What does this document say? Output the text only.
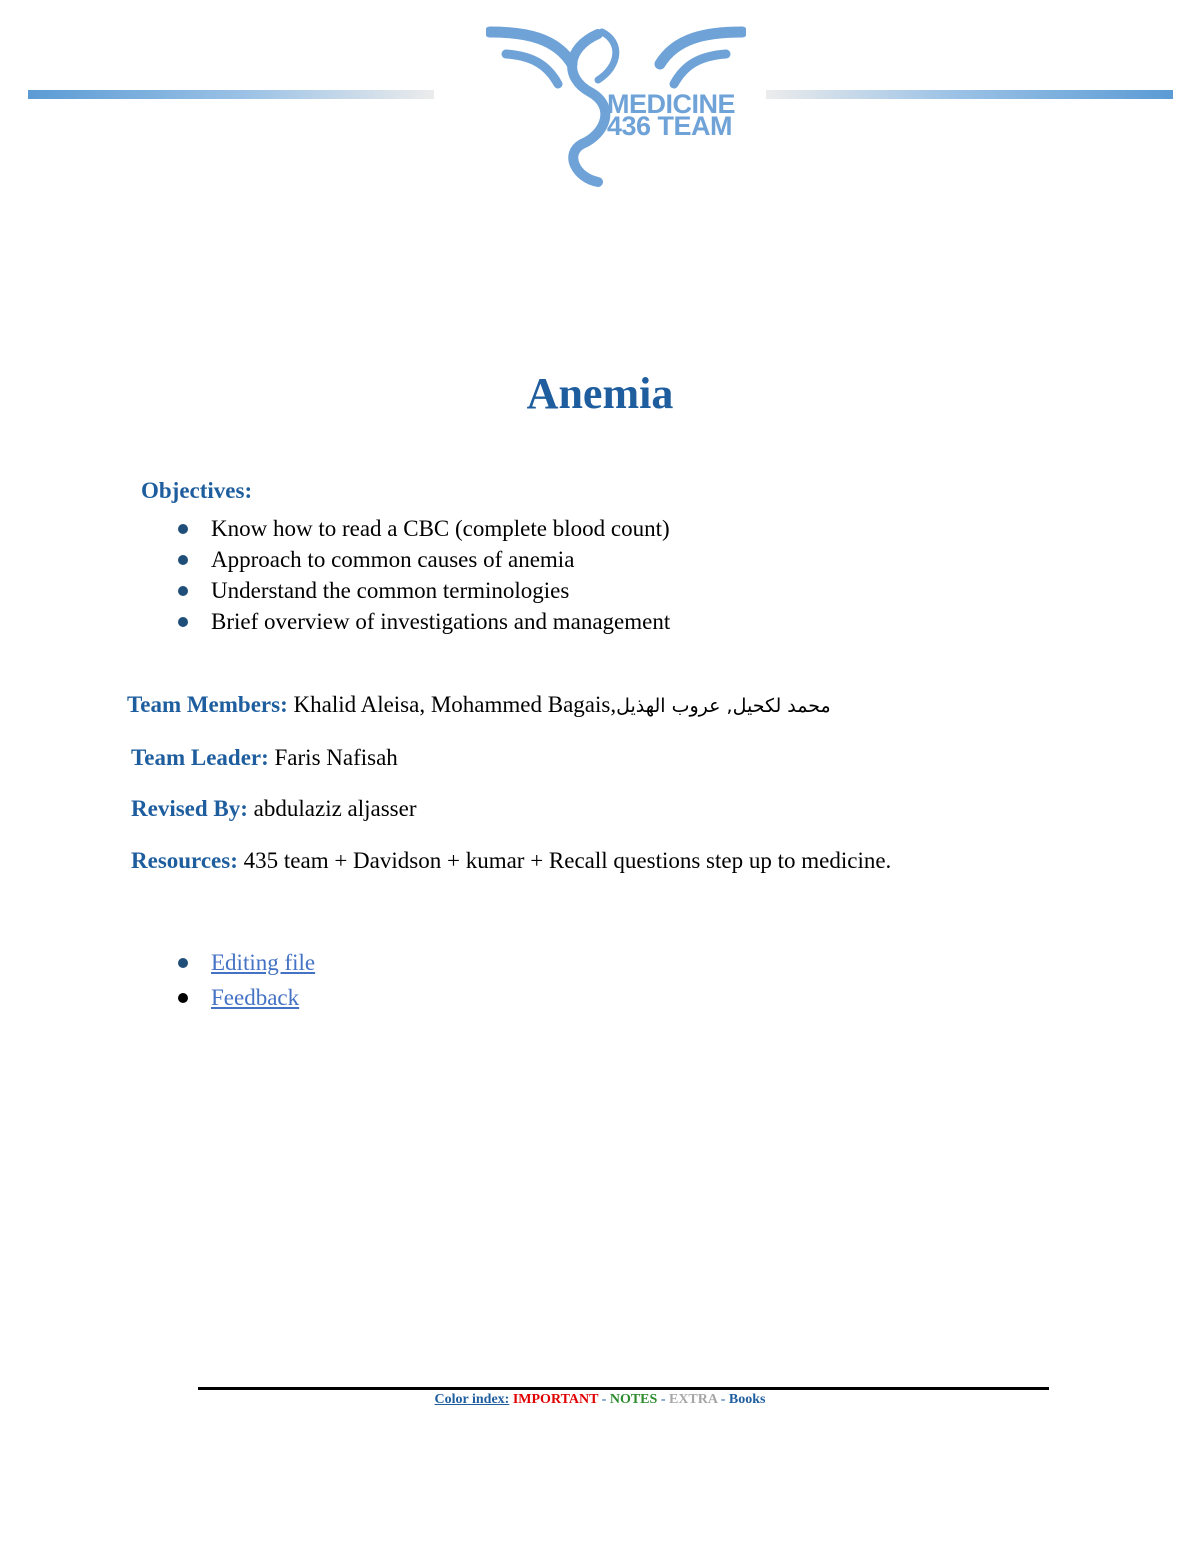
MEDICINE
436 TEAM
Anemia
Objectives:
Know how to read a CBC (complete blood count)
Approach to common causes of anemia
Understand the common terminologies
Brief overview of investigations and management
Team Members: Khalid Aleisa, Mohammed Bagais,محمد لكحيل, عروب الهذيل
Team Leader: Faris Nafisah
Revised By: abdulaziz aljasser
Resources: 435 team + Davidson + kumar + Recall questions step up to medicine.
Editing file
Feedback
Color index: IMPORTANT - NOTES - EXTRA - Books
